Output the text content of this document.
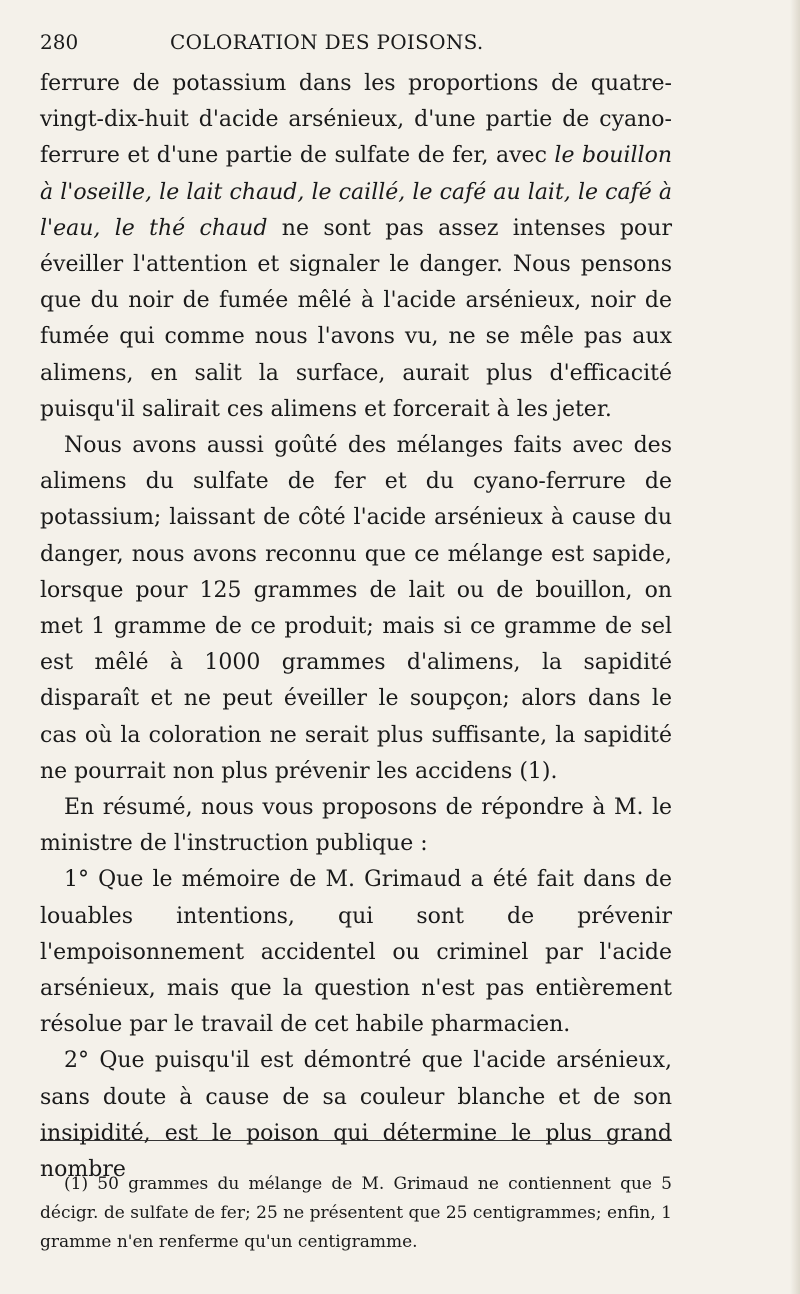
280	COLORATION DES POISONS.

ferrure de potassium dans les proportions de quatre-vingt-dix-huit d'acide arsénieux, d'une partie de cyano-ferrure et d'une partie de sulfate de fer, avec le bouillon à l'oseille, le lait chaud, le caillé, le café au lait, le café à l'eau, le thé chaud ne sont pas assez intenses pour éveiller l'attention et signaler le danger. Nous pensons que du noir de fumée mêlé à l'acide arsénieux, noir de fumée qui comme nous l'avons vu, ne se mêle pas aux alimens, en salit la surface, aurait plus d'efficacité puisqu'il salirait ces alimens et forcerait à les jeter.

Nous avons aussi goûté des mélanges faits avec des alimens du sulfate de fer et du cyano-ferrure de potassium; laissant de côté l'acide arsénieux à cause du danger, nous avons reconnu que ce mélange est sapide, lorsque pour 125 grammes de lait ou de bouillon, on met 1 gramme de ce produit; mais si ce gramme de sel est mêlé à 1000 grammes d'alimens, la sapidité disparaît et ne peut éveiller le soupçon; alors dans le cas où la coloration ne serait plus suffisante, la sapidité ne pourrait non plus prévenir les accidens (1).

En résumé, nous vous proposons de répondre à M. le ministre de l'instruction publique :

1° Que le mémoire de M. Grimaud a été fait dans de louables intentions, qui sont de prévenir l'empoisonnement accidentel ou criminel par l'acide arsénieux, mais que la question n'est pas entièrement résolue par le travail de cet habile pharmacien.

2° Que puisqu'il est démontré que l'acide arsénieux, sans doute à cause de sa couleur blanche et de son insipidité, est le poison qui détermine le plus grand nombre

(1) 50 grammes du mélange de M. Grimaud ne contiennent que 5 décigr. de sulfate de fer; 25 ne présentent que 25 centigrammes; enfin, 1 gramme n'en renferme qu'un centigramme.
